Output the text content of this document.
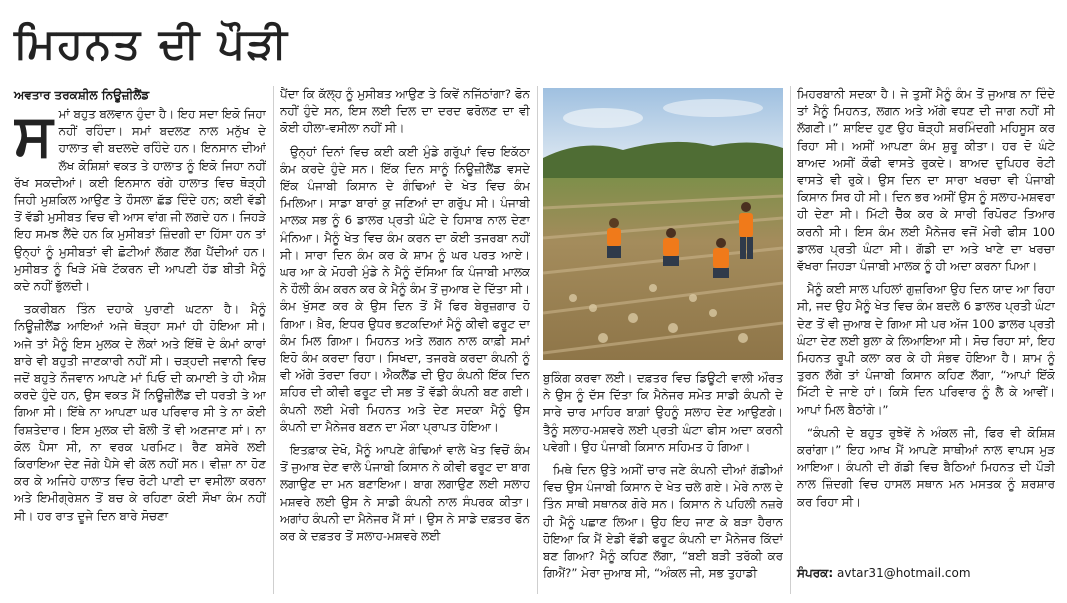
ਮਿਹਨਤ ਦੀ ਪੌੜੀ
ਅਵਤਾਰ ਤਰਕਸ਼ੀਲ ਨਿਊਜ਼ੀਲੈਂਡ

ਸਮਾਂ ਬਹੁਤ ਬਲਵਾਨ ਹੁੰਦਾ ਹੈ। ਇਹ ਸਦਾ ਇਕੋ ਜਿਹਾ ਨਹੀਂ ਰਹਿੰਦਾ। ਸਮਾਂ ਬਦਲਣ ਨਾਲ ਮਨੁੱਖ ਦੇ ਹਾਲਾਤ ਵੀ ਬਦਲਦੇ ਰਹਿੰਦੇ ਹਨ। ਇਨਸਾਨ ਦੀਆਂ ਲੱਖ ਕੋਸ਼ਿਸ਼ਾਂ ਵਕਤ ਤੇ ਹਾਲਾਤ ਨੂੰ ਇਕੋ ਜਿਹਾ ਨਹੀਂ ਰੱਖ ਸਕਦੀਆਂ। ਕਈ ਇਨਸਾਨ ਰਂਗੇ ਹਾਲਾਤ ਵਿਚ ਥੋੜ੍ਹੀ ਜਿਹੀ ਮੁਸ਼ਕਿਲ ਆਉਣ ਤੇ ਹੌਸਲਾ ਛੱਡ ਦਿੰਦੇ ਹਨ; ਕਈ ਵੱਡੀ ਤੋਂ ਵੱਡੀ ਮੁਸੀਬਤ ਵਿਚ ਵੀ ਆਸ ਵਾਂਗ ਜੀ ਲਗਦੇ ਹਨ। ਜਿਹੜੇ ਇਹ ਸਮਝ ਲੈਂਦੇ ਹਨ ਕਿ ਮੁਸੀਬਤਾਂ ਜ਼ਿੰਦਗੀ ਦਾ ਹਿੱਸਾ ਹਨ ਤਾਂ ਉਨ੍ਹਾਂ ਨੂੰ ਮੁਸੀਬਤਾਂ ਵੀ ਛੋਟੀਆਂ ਲੱਗਣ ਲੱਗ ਪੈਂਦੀਆਂ ਹਨ। ਮੁਸੀਬਤ ਨੂੰ ਖਿੜੇ ਮੱਥੇ ਟੱਕਰਨ ਦੀ ਆਪਣੀ ਹੱਡ ਬੀਤੀ ਮੈਨੂੰ ਕਦੇ ਨਹੀਂ ਭੁੱਲਦੀ।

ਤਕਰੀਬਨ ਤਿੰਨ ਦਹਾਕੇ ਪੁਰਾਣੀ ਘਟਨਾ ਹੈ। ਮੈਨੂੰ ਨਿਊਜ਼ੀਲੈਂਡ ਆਇਆਂ ਅਜੇ ਥੋੜ੍ਹਾ ਸਮਾਂ ਹੀ ਹੋਇਆ ਸੀ। ਅਜੇ ਤਾਂ ਮੈਨੂੰ ਇਸ ਮੁਲਕ ਦੇ ਲੋਕਾਂ ਅਤੇ ਇੱਥੋਂ ਦੇ ਕੰਮਾਂ ਕਾਰਾਂ ਬਾਰੇ ਵੀ ਬਹੁਤੀ ਜਾਣਕਾਰੀ ਨਹੀਂ ਸੀ। ਚੜ੍ਹਦੀ ਜਵਾਨੀ ਵਿਚ ਜਦੋਂ ਬਹੁਤੇ ਨੌਜਵਾਨ ਆਪਣੇ ਮਾਂ ਪਿਓ ਦੀ ਕਮਾਈ ਤੇ ਹੀ ਐਸ਼ ਕਰਦੇ ਹੁੰਦੇ ਹਨ, ਉਸ ਵਕਤ ਮੈਂ ਨਿਊਜ਼ੀਲੈਂਡ ਦੀ ਧਰਤੀ ਤੇ ਆ ਗਿਆ ਸੀ। ਇੱਥੇ ਨਾ ਆਪਣਾ ਘਰ ਪਰਿਵਾਰ ਸੀ ਤੇ ਨਾ ਕੋਈ ਰਿਸ਼ਤੇਦਾਰ। ਇਸ ਮੁਲਕ ਦੀ ਬੋਲੀ ਤੋਂ ਵੀ ਅਣਜਾਣ ਸਾਂ। ਨਾ ਕੋਲ ਪੈਸਾ ਸੀ, ਨਾ ਵਰਕ ਪਰਮਿਟ। ਰੈਣ ਬਸੇਰੇ ਲਈ ਕਿਰਾਇਆ ਦੇਣ ਜੋਗੇ ਪੈਸੇ ਵੀ ਕੋਲ ਨਹੀਂ ਸਨ। ਵੀਜ਼ਾ ਨਾ ਹੋਣ ਕਰ ਕੇ ਅਜਿਹੇ ਹਾਲਾਤ ਵਿਚ ਰੋਟੀ ਪਾਣੀ ਦਾ ਵਸੀਲਾ ਕਰਨਾ ਅਤੇ ਇਮੀਗ੍ਰੇਸ਼ਨ ਤੋਂ ਬਚ ਕੇ ਰਹਿਣਾ ਕੋਈ ਸੌਖਾ ਕੰਮ ਨਹੀਂ ਸੀ। ਹਰ ਰਾਤ ਦੂਜੇ ਦਿਨ ਬਾਰੇ ਸੋਚਣਾ

ਪੈਂਦਾ ਕਿ ਕੱਲ੍ਹ ਨੂੰ ਮੁਸੀਬਤ ਆਉਣ ਤੇ ਕਿਵੇਂ ਨਜਿੱਠਾਂਗਾ? ਫੋਨ ਨਹੀਂ ਹੁੰਦੇ ਸਨ, ਇਸ ਲਈ ਦਿਲ ਦਾ ਦਰਦ ਫਰੋਲਣ ਦਾ ਵੀ ਕੋਈ ਹੀਲਾ-ਵਸੀਲਾ ਨਹੀਂ ਸੀ।

ਉਨ੍ਹਾਂ ਦਿਨਾਂ ਵਿਚ ਕਈ ਕਈ ਮੁੰਡੇ ਗਰੁੱਪਾਂ ਵਿਚ ਇਕੱਠਾ ਕੰਮ ਕਰਦੇ ਹੁੰਦੇ ਸਨ। ਇੱਕ ਦਿਨ ਸਾਨੂੰ ਨਿਊਜ਼ੀਲੈਂਡ ਵਸਦੇ ਇੱਕ ਪੰਜਾਬੀ ਕਿਸਾਨ ਦੇ ਗੰਢਿਆਂ ਦੇ ਖੇਤ ਵਿਚ ਕੰਮ ਮਿਲਿਆ। ਸਾਡਾ ਬਾਰਾਂ ਕੁ ਜਣਿਆਂ ਦਾ ਗਰੁੱਪ ਸੀ। ਪੰਜਾਬੀ ਮਾਲਕ ਸਭ ਨੂੰ 6 ਡਾਲਰ ਪ੍ਰਤੀ ਘੰਟੇ ਦੇ ਹਿਸਾਬ ਨਾਲ ਦੇਣਾ ਮੰਨਿਆ। ਮੈਨੂੰ ਖੇਤ ਵਿਚ ਕੰਮ ਕਰਨ ਦਾ ਕੋਈ ਤਜਰਬਾ ਨਹੀਂ ਸੀ। ਸਾਰਾ ਦਿਨ ਕੰਮ ਕਰ ਕੇ ਸ਼ਾਮ ਨੂੰ ਘਰ ਪਰਤ ਆਏ। ਘਰ ਆ ਕੇ ਮੋਹਰੀ ਮੁੰਡੇ ਨੇ ਮੈਨੂੰ ਦੱਸਿਆ ਕਿ ਪੰਜਾਬੀ ਮਾਲਕ ਨੇ ਹੌਲੀ ਕੰਮ ਕਰਨ ਕਰ ਕੇ ਮੈਨੂੰ ਕੰਮ ਤੋਂ ਜੁਆਬ ਦੇ ਦਿੱਤਾ ਸੀ। ਕੰਮ ਖੁੱਸਣ ਕਰ ਕੇ ਉਸ ਦਿਨ ਤੋਂ ਮੈਂ ਫਿਰ ਬੇਰੁਜ਼ਗਾਰ ਹੋ ਗਿਆ। ਖ਼ੈਰ, ਇਧਰ ਉਧਰ ਭਟਕਦਿਆਂ ਮੈਨੂੰ ਕੀਵੀ ਫਰੂਟ ਦਾ ਕੰਮ ਮਿਲ ਗਿਆ। ਮਿਹਨਤ ਅਤੇ ਲਗਨ ਨਾਲ ਕਾਫ਼ੀ ਸਮਾਂ ਇਹੋ ਕੰਮ ਕਰਦਾ ਰਿਹਾ। ਸਿਖਦਾ, ਤਜਰਬੇ ਕਰਦਾ ਕੰਪਨੀ ਨੂੰ ਵੀ ਅੱਗੇ ਤੋਰਦਾ ਰਿਹਾ। ਐਕਲੈਂਡ ਦੀ ਉਹ ਕੰਪਨੀ ਇੱਕ ਦਿਨ ਸ਼ਹਿਰ ਦੀ ਕੀਵੀ ਫਰੂਟ ਦੀ ਸਭ ਤੋਂ ਵੱਡੀ ਕੰਪਨੀ ਬਣ ਗਈ। ਕੰਪਨੀ ਲਈ ਮੇਰੀ ਮਿਹਨਤ ਅਤੇ ਦੇਣ ਸਦਕਾ ਮੈਨੂੰ ਉਸ ਕੰਪਨੀ ਦਾ ਮੈਨੇਜਰ ਬਣਨ ਦਾ ਮੌਕਾ ਪ੍ਰਾਪਤ ਹੋਇਆ।

ਇਤਫ਼ਾਕ ਦੇਖੋ, ਮੈਨੂੰ ਆਪਣੇ ਗੰਢਿਆਂ ਵਾਲੇ ਖੇਤ ਵਿਚੋਂ ਕੰਮ ਤੋਂ ਜੁਆਬ ਦੇਣ ਵਾਲੇ ਪੰਜਾਬੀ ਕਿਸਾਨ ਨੇ ਕੀਵੀ ਫਰੂਟ ਦਾ ਬਾਗ ਲਗਾਉਣ ਦਾ ਮਨ ਬਣਾਇਆ। ਬਾਗ ਲਗਾਉਣ ਲਈ ਸਲਾਹ ਮਸ਼ਵਰੇ ਲਈ ਉਸ ਨੇ ਸਾਡੀ ਕੰਪਨੀ ਨਾਲ ਸੰਪਰਕ ਕੀਤਾ। ਅਗਾਂਹ ਕੰਪਨੀ ਦਾ ਮੈਨੇਜਰ ਮੈਂ ਸਾਂ। ਉਸ ਨੇ ਸਾਡੇ ਦਫ਼ਤਰ ਫੋਨ ਕਰ ਕੇ ਦਫ਼ਤਰ ਤੋਂ ਸਲਾਹ-ਮਸ਼ਵਰੇ ਲਈ

ਬੁਕਿੰਗ ਕਰਵਾ ਲਈ। ਦਫ਼ਤਰ ਵਿਚ ਡਿਊਟੀ ਵਾਲੀ ਔਰਤ ਨੇ ਉਸ ਨੂੰ ਦੱਸ ਦਿੱਤਾ ਕਿ ਮੈਨੇਜਰ ਸਮੇਤ ਸਾਡੀ ਕੰਪਨੀ ਦੇ ਸਾਰੇ ਚਾਰ ਮਾਹਿਰ ਬਾਗ਼ਾਂ ਉਹਨੂੰ ਸਲਾਹ ਦੇਣ ਆਉਣਗੇ। ਤੈਨੂੰ ਸਲਾਹ-ਮਸ਼ਵਰੇ ਲਈ ਪ੍ਰਤੀ ਘੰਟਾ ਫੀਸ ਅਦਾ ਕਰਨੀ ਪਵੇਗੀ। ਉਹ ਪੰਜਾਬੀ ਕਿਸਾਨ ਸਹਿਮਤ ਹੋ ਗਿਆ।

ਮਿਥੇ ਦਿਨ ਉਤੇ ਅਸੀਂ ਚਾਰ ਜਣੇ ਕੰਪਨੀ ਦੀਆਂ ਗੱਡੀਆਂ ਵਿਚ ਉਸ ਪੰਜਾਬੀ ਕਿਸਾਨ ਦੇ ਖੇਤ ਚਲੇ ਗਏ। ਮੇਰੇ ਨਾਲ ਦੇ ਤਿੰਨ ਸਾਥੀ ਸਥਾਨਕ ਗੋਰੇ ਸਨ। ਕਿਸਾਨ ਨੇ ਪਹਿਲੀ ਨਜ਼ਰੇ ਹੀ ਮੈਨੂੰ ਪਛਾਣ ਲਿਆ। ਉਹ ਇਹ ਜਾਣ ਕੇ ਬੜਾ ਹੈਰਾਨ ਹੋਇਆ ਕਿ ਮੈਂ ਏਡੀ ਵੱਡੀ ਫਰੂਟ ਕੰਪਨੀ ਦਾ ਮੈਨੇਜਰ ਕਿੱਦਾਂ ਬਣ ਗਿਆ? ਮੈਨੂੰ ਕਹਿਣ ਲੱਗਾ, “ਬਈ ਬੜੀ ਤਰੱਕੀ ਕਰ ਗਿਐਂ?” ਮੇਰਾ ਜੁਆਬ ਸੀ, “ਅੰਕਲ ਜੀ, ਸਭ ਤੁਹਾਡੀ

ਮਿਹਰਬਾਨੀ ਸਦਕਾ ਹੈ। ਜੇ ਤੁਸੀਂ ਮੈਨੂੰ ਕੰਮ ਤੋਂ ਜੁਆਬ ਨਾ ਦਿੰਦੇ ਤਾਂ ਮੈਨੂੰ ਮਿਹਨਤ, ਲਗਨ ਅਤੇ ਅੱਗੇ ਵਧਣ ਦੀ ਜਾਗ ਨਹੀਂ ਸੀ ਲੱਗਣੀ।” ਸ਼ਾਇਦ ਹੁਣ ਉਹ ਥੋੜ੍ਹੀ ਸ਼ਰਮਿੰਦਗੀ ਮਹਿਸੂਸ ਕਰ ਰਿਹਾ ਸੀ। ਅਸੀਂ ਆਪਣਾ ਕੰਮ ਸ਼ੁਰੂ ਕੀਤਾ। ਹਰ ਦੋ ਘੰਟੇ ਬਾਅਦ ਅਸੀਂ ਕੌਫੀ ਵਾਸਤੇ ਰੁਕਦੇ। ਬਾਅਦ ਦੁਪਿਹਰ ਰੋਟੀ ਵਾਸਤੇ ਵੀ ਰੁਕੇ। ਉਸ ਦਿਨ ਦਾ ਸਾਰਾ ਖਰਚਾ ਵੀ ਪੰਜਾਬੀ ਕਿਸਾਨ ਸਿਰ ਹੀ ਸੀ। ਦਿਨ ਭਰ ਅਸੀਂ ਉਸ ਨੂੰ ਸਲਾਹ-ਮਸ਼ਵਰਾ ਹੀ ਦੇਣਾ ਸੀ। ਮਿੱਟੀ ਚੈੱਕ ਕਰ ਕੇ ਸਾਰੀ ਰਿਪੋਰਟ ਤਿਆਰ ਕਰਨੀ ਸੀ। ਇਸ ਕੰਮ ਲਈ ਮੈਨੇਜਰ ਵਜੋਂ ਮੇਰੀ ਫੀਸ 100 ਡਾਲਰ ਪ੍ਰਤੀ ਘੰਟਾ ਸੀ। ਗੱਡੀ ਦਾ ਅਤੇ ਖਾਣੇ ਦਾ ਖਰਚਾ ਵੱਖਰਾ ਜਿਹੜਾ ਪੰਜਾਬੀ ਮਾਲਕ ਨੂੰ ਹੀ ਅਦਾ ਕਰਨਾ ਪਿਆ।

ਮੈਨੂੰ ਕਈ ਸਾਲ ਪਹਿਲਾਂ ਗੁਜ਼ਰਿਆ ਉਹ ਦਿਨ ਯਾਦ ਆ ਰਿਹਾ ਸੀ, ਜਦ ਉਹ ਮੈਨੂੰ ਖੇਤ ਵਿਚ ਕੰਮ ਬਦਲੇ 6 ਡਾਲਰ ਪ੍ਰਤੀ ਘੰਟਾ ਦੇਣ ਤੋਂ ਵੀ ਜੁਆਬ ਦੇ ਗਿਆ ਸੀ ਪਰ ਅੱਜ 100 ਡਾਲਰ ਪ੍ਰਤੀ ਘੰਟਾ ਦੇਣ ਲਈ ਬੁਲਾ ਕੇ ਲਿਆਇਆ ਸੀ। ਸੋਚ ਰਿਹਾ ਸਾਂ, ਇਹ ਮਿਹਨਤ ਰੂਪੀ ਕਲਾ ਕਰ ਕੇ ਹੀ ਸੰਭਵ ਹੋਇਆ ਹੈ। ਸ਼ਾਮ ਨੂੰ ਤੁਰਨ ਲੱਗੇ ਤਾਂ ਪੰਜਾਬੀ ਕਿਸਾਨ ਕਹਿਣ ਲੱਗਾ, “ਆਪਾਂ ਇੱਕੋ ਮਿੱਟੀ ਦੇ ਜਾਏ ਹਾਂ। ਕਿਸੇ ਦਿਨ ਪਰਿਵਾਰ ਨੂੰ ਲੈ ਕੇ ਆਵੀਂ। ਆਪਾਂ ਮਿਲ ਬੈਠਾਂਗੇ।”

“ਕੰਪਨੀ ਦੇ ਬਹੁਤ ਰੁਝੇਵੇਂ ਨੇ ਅੰਕਲ ਜੀ, ਫਿਰ ਵੀ ਕੋਸ਼ਿਸ਼ ਕਰਾਂਗਾ।” ਇਹ ਆਖ ਮੈਂ ਆਪਣੇ ਸਾਥੀਆਂ ਨਾਲ ਵਾਪਸ ਮੁੜ ਆਇਆ। ਕੰਪਨੀ ਦੀ ਗੱਡੀ ਵਿਚ ਬੈਠਿਆਂ ਮਿਹਨਤ ਦੀ ਪੌੜੀ ਨਾਲ ਜ਼ਿੰਦਗੀ ਵਿਚ ਹਾਸਲ ਸਥਾਨ ਮਨ ਮਸਤਕ ਨੂੰ ਸ਼ਰਸ਼ਾਰ ਕਰ ਰਿਹਾ ਸੀ।

ਸੰਪਰਕ: avtar31@hotmail.com
